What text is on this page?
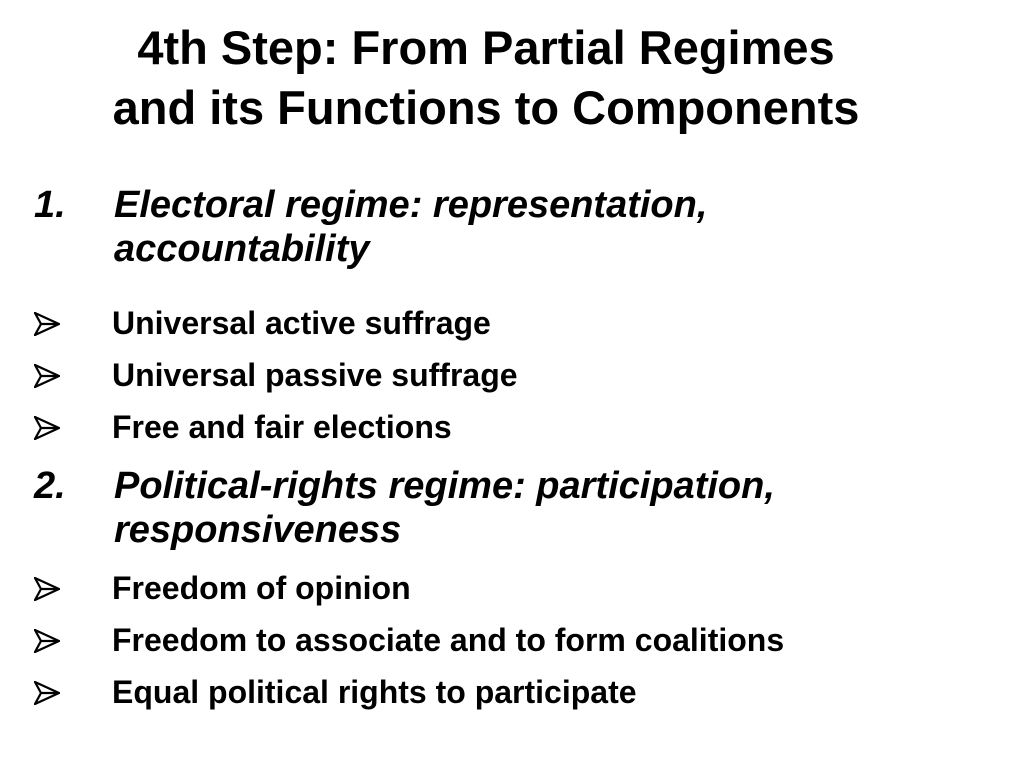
4th Step: From Partial Regimes
and its Functions to Components
1. Electoral regime: representation,
accountability
Universal active suffrage
Universal passive suffrage
Free and fair elections
2. Political-rights regime: participation,
responsiveness
Freedom of opinion
Freedom to associate and to form coalitions
Equal political rights to participate
